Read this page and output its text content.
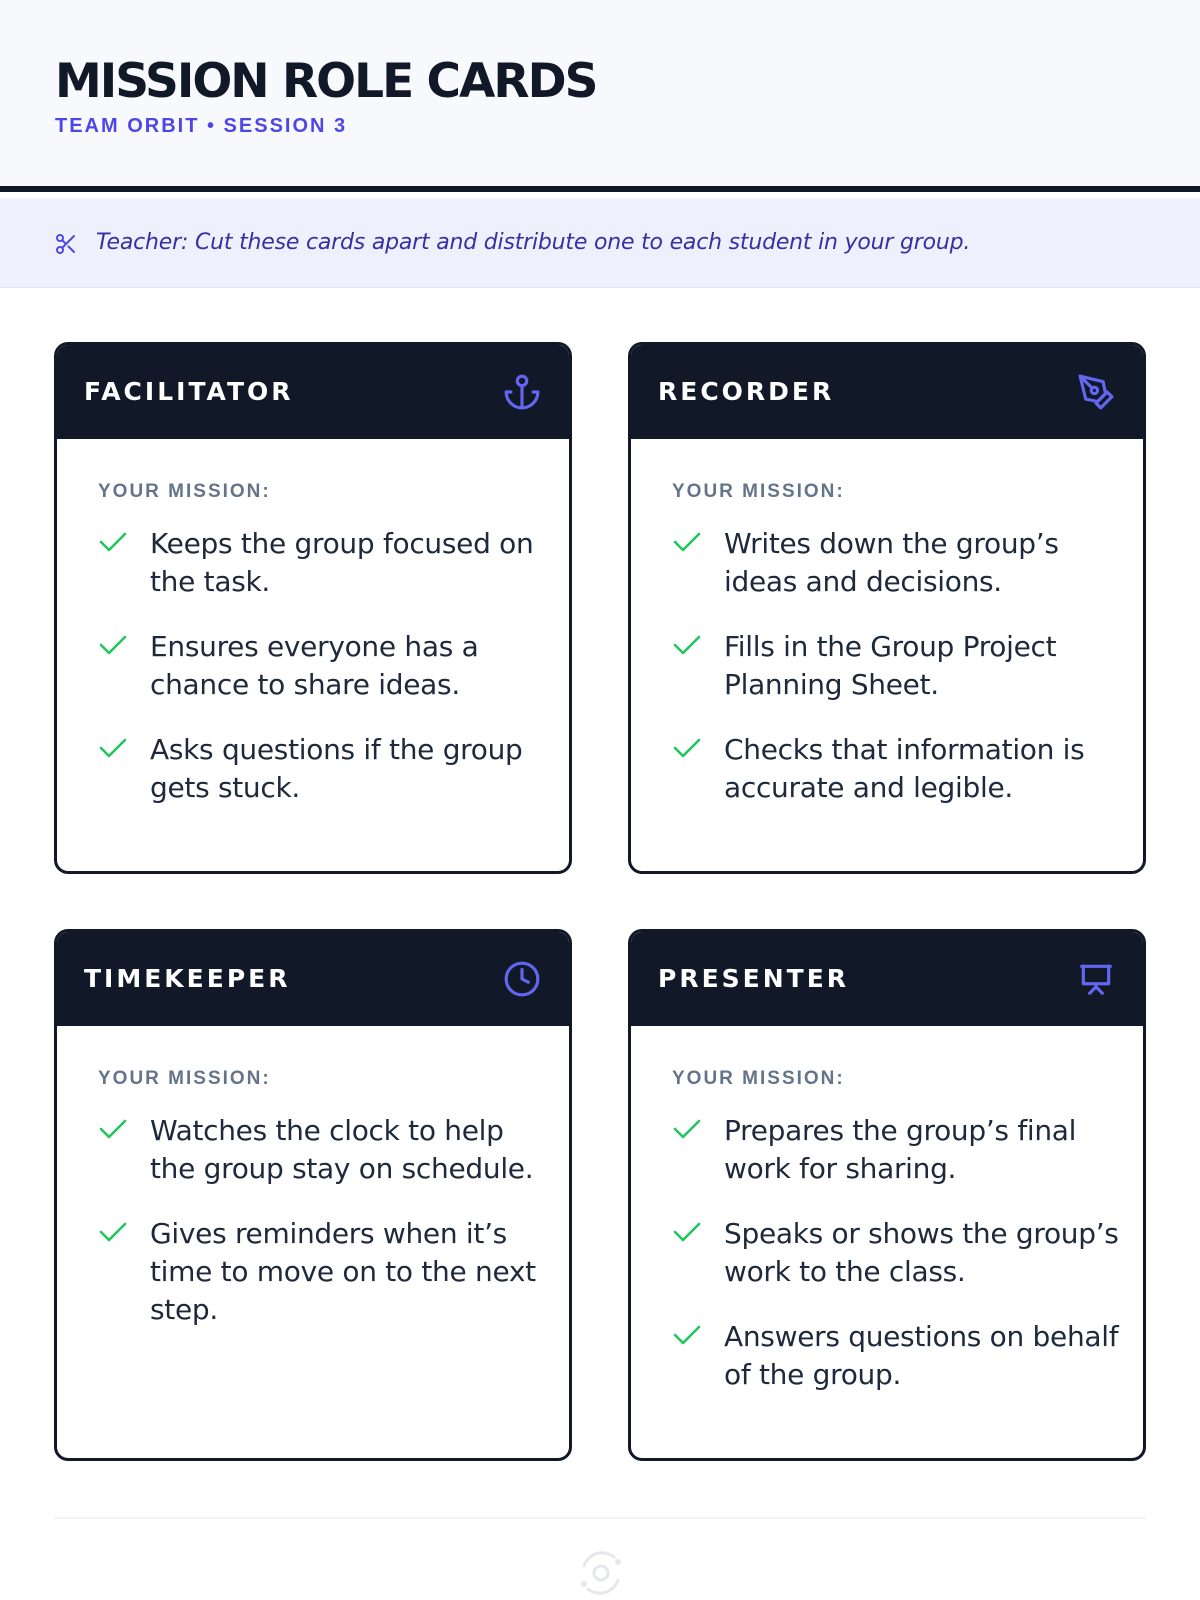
MISSION ROLE CARDS
TEAM ORBIT • SESSION 3
Teacher: Cut these cards apart and distribute one to each student in your group.
FACILITATOR
YOUR MISSION:
Keeps the group focused on the task.
Ensures everyone has a chance to share ideas.
Asks questions if the group gets stuck.
RECORDER
YOUR MISSION:
Writes down the group’s ideas and decisions.
Fills in the Group Project Planning Sheet.
Checks that information is accurate and legible.
TIMEKEEPER
YOUR MISSION:
Watches the clock to help the group stay on schedule.
Gives reminders when it’s time to move on to the next step.
PRESENTER
YOUR MISSION:
Prepares the group’s final work for sharing.
Speaks or shows the group’s work to the class.
Answers questions on behalf of the group.
